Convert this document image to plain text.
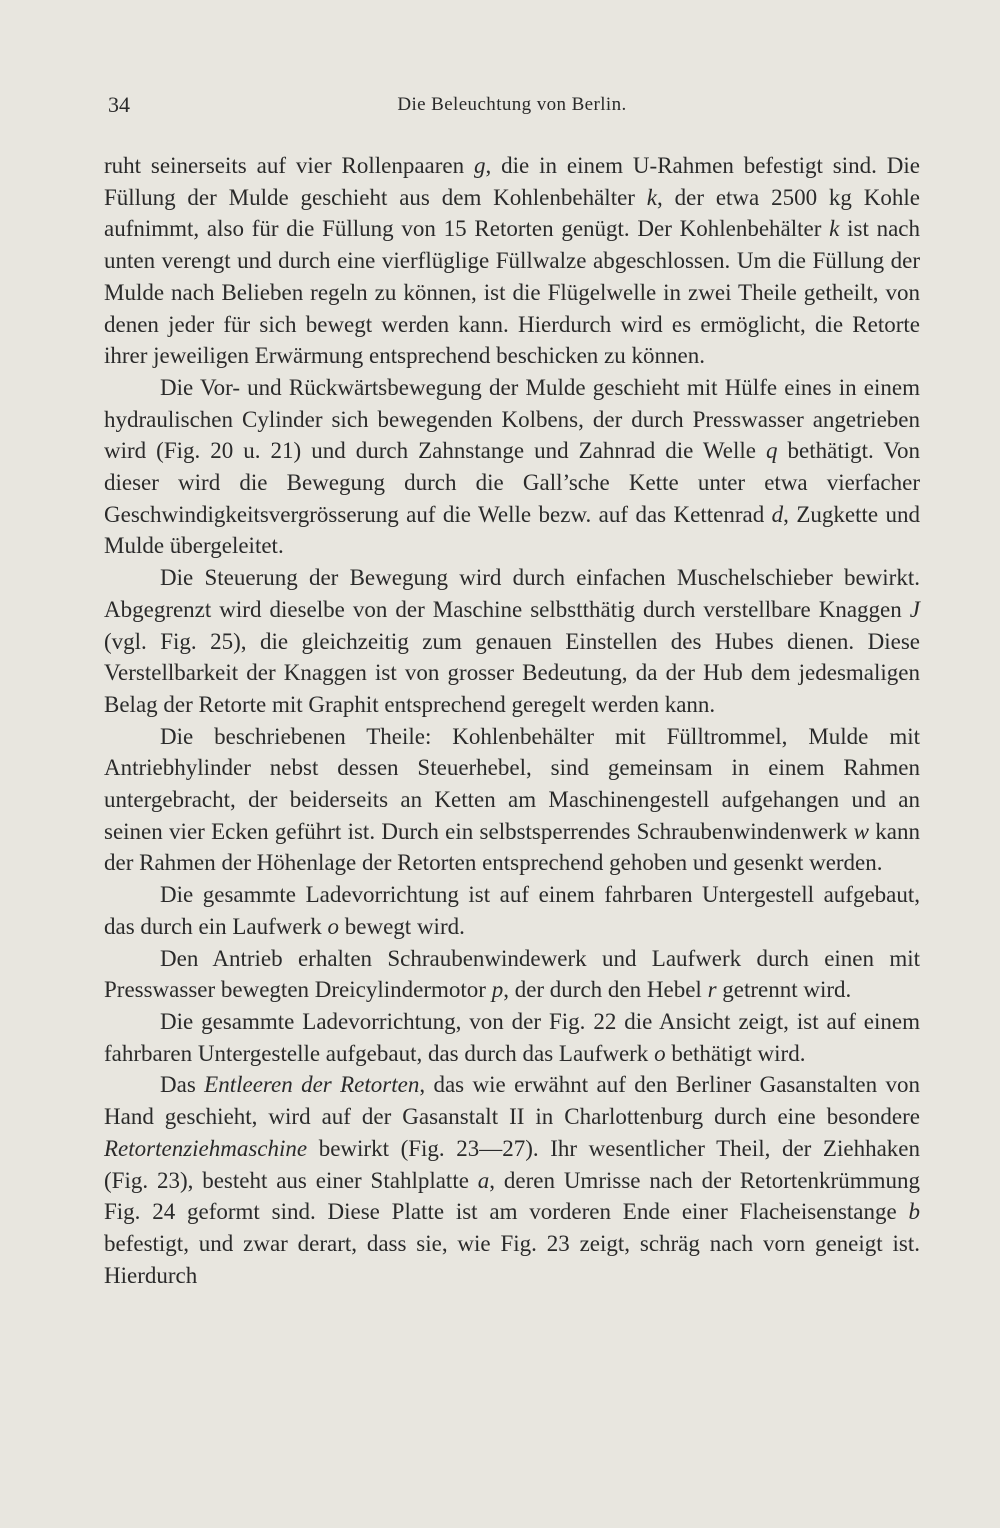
34	Die Beleuchtung von Berlin.

ruht seinerseits auf vier Rollenpaaren g, die in einem U-Rahmen befestigt sind. Die Füllung der Mulde geschieht aus dem Kohlenbehälter k, der etwa 2500 kg Kohle aufnimmt, also für die Füllung von 15 Retorten genügt. Der Kohlenbehälter k ist nach unten verengt und durch eine vierflüglige Füllwalze abgeschlossen. Um die Füllung der Mulde nach Belieben regeln zu können, ist die Flügelwelle in zwei Theile getheilt, von denen jeder für sich bewegt werden kann. Hierdurch wird es ermöglicht, die Retorte ihrer jeweiligen Erwärmung entsprechend beschicken zu können.

Die Vor- und Rückwärtsbewegung der Mulde geschieht mit Hülfe eines in einem hydraulischen Cylinder sich bewegenden Kolbens, der durch Presswasser angetrieben wird (Fig. 20 u. 21) und durch Zahnstange und Zahnrad die Welle q bethätigt. Von dieser wird die Bewegung durch die Gall’sche Kette unter etwa vierfacher Geschwindigkeitsvergrösserung auf die Welle bezw. auf das Kettenrad d, Zugkette und Mulde übergeleitet.

Die Steuerung der Bewegung wird durch einfachen Muschelschieber bewirkt. Abgegrenzt wird dieselbe von der Maschine selbstthätig durch verstellbare Knaggen J (vgl. Fig. 25), die gleichzeitig zum genauen Einstellen des Hubes dienen. Diese Verstellbarkeit der Knaggen ist von grosser Bedeutung, da der Hub dem jedesmaligen Belag der Retorte mit Graphit entsprechend geregelt werden kann.

Die beschriebenen Theile: Kohlenbehälter mit Fülltrommel, Mulde mit Antriebhylinder nebst dessen Steuerhebel, sind gemeinsam in einem Rahmen untergebracht, der beiderseits an Ketten am Maschinengestell aufgehangen und an seinen vier Ecken geführt ist. Durch ein selbstsperrendes Schraubenwindenwerk w kann der Rahmen der Höhenlage der Retorten entsprechend gehoben und gesenkt werden.

Die gesammte Ladevorrichtung ist auf einem fahrbaren Untergestell aufgebaut, das durch ein Laufwerk o bewegt wird.

Den Antrieb erhalten Schraubenwindewerk und Laufwerk durch einen mit Presswasser bewegten Dreicylindermotor p, der durch den Hebel r getrennt wird.

Die gesammte Ladevorrichtung, von der Fig. 22 die Ansicht zeigt, ist auf einem fahrbaren Untergestelle aufgebaut, das durch das Laufwerk o bethätigt wird.

Das Entleeren der Retorten, das wie erwähnt auf den Berliner Gasanstalten von Hand geschieht, wird auf der Gasanstalt II in Charlottenburg durch eine besondere Retortenziehmaschine bewirkt (Fig. 23—27). Ihr wesentlicher Theil, der Ziehhaken (Fig. 23), besteht aus einer Stahlplatte a, deren Umrisse nach der Retortenkrümmung Fig. 24 geformt sind. Diese Platte ist am vorderen Ende einer Flacheisenstange b befestigt, und zwar derart, dass sie, wie Fig. 23 zeigt, schräg nach vorn geneigt ist. Hierdurch
